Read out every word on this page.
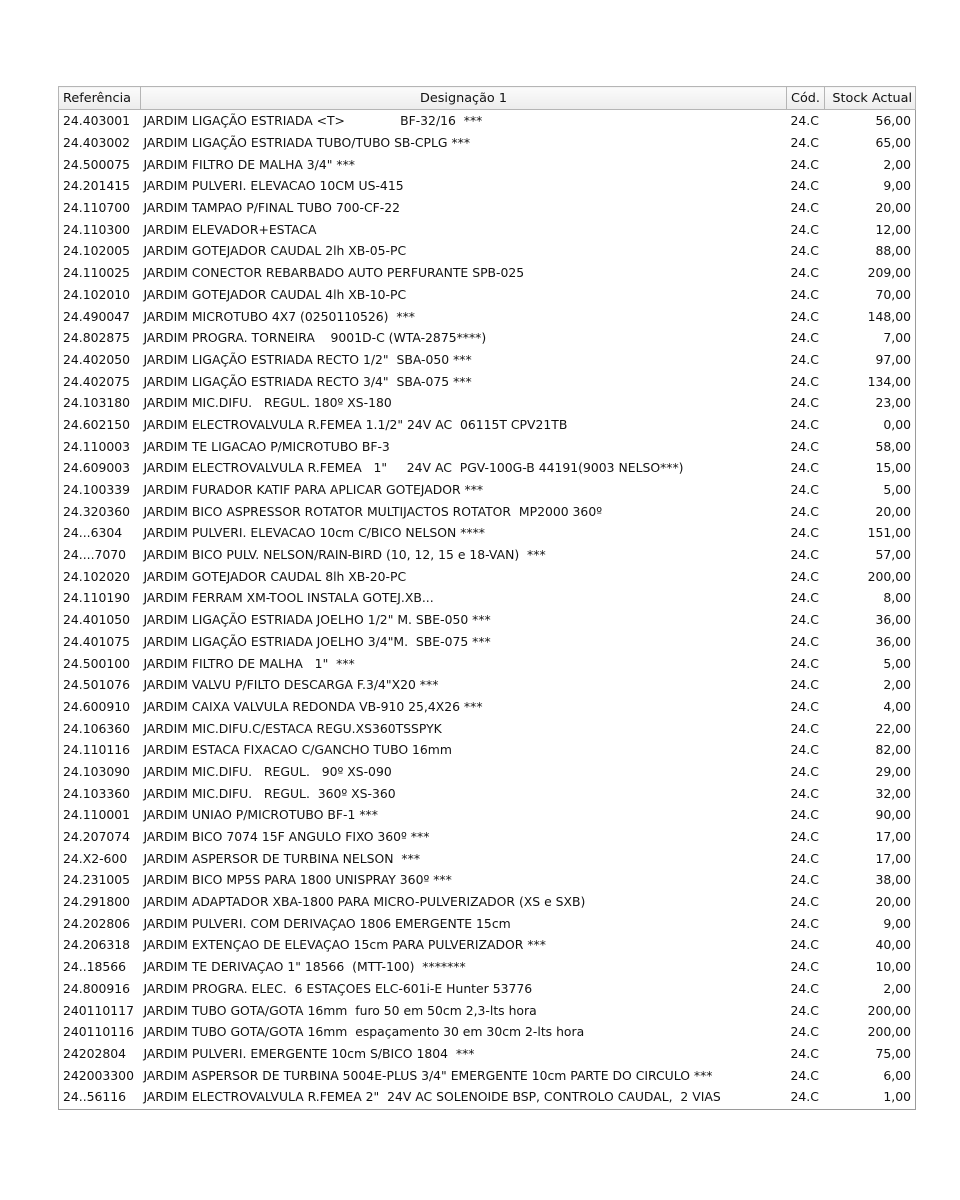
Referência	Designação 1	Cód.	Stock Actual
24.403001	JARDIM LIGAÇÃO ESTRIADA <T>              BF-32/16  ***	24.C	56,00
24.403002	JARDIM LIGAÇÃO ESTRIADA TUBO/TUBO SB-CPLG ***	24.C	65,00
24.500075	JARDIM FILTRO DE MALHA 3/4" ***	24.C	2,00
24.201415	JARDIM PULVERI. ELEVACAO 10CM US-415	24.C	9,00
24.110700	JARDIM TAMPAO P/FINAL TUBO 700-CF-22	24.C	20,00
24.110300	JARDIM ELEVADOR+ESTACA	24.C	12,00
24.102005	JARDIM GOTEJADOR CAUDAL 2lh XB-05-PC	24.C	88,00
24.110025	JARDIM CONECTOR REBARBADO AUTO PERFURANTE SPB-025	24.C	209,00
24.102010	JARDIM GOTEJADOR CAUDAL 4lh XB-10-PC	24.C	70,00
24.490047	JARDIM MICROTUBO 4X7 (0250110526)  ***	24.C	148,00
24.802875	JARDIM PROGRA. TORNEIRA    9001D-C (WTA-2875****)	24.C	7,00
24.402050	JARDIM LIGAÇÃO ESTRIADA RECTO 1/2"  SBA-050 ***	24.C	97,00
24.402075	JARDIM LIGAÇÃO ESTRIADA RECTO 3/4"  SBA-075 ***	24.C	134,00
24.103180	JARDIM MIC.DIFU.   REGUL. 180º XS-180	24.C	23,00
24.602150	JARDIM ELECTROVALVULA R.FEMEA 1.1/2" 24V AC  06115T CPV21TB	24.C	0,00
24.110003	JARDIM TE LIGACAO P/MICROTUBO BF-3	24.C	58,00
24.609003	JARDIM ELECTROVALVULA R.FEMEA   1"     24V AC  PGV-100G-B 44191(9003 NELSO***)	24.C	15,00
24.100339	JARDIM FURADOR KATIF PARA APLICAR GOTEJADOR ***	24.C	5,00
24.320360	JARDIM BICO ASPRESSOR ROTATOR MULTIJACTOS ROTATOR  MP2000 360º	24.C	20,00
24...6304	JARDIM PULVERI. ELEVACAO 10cm C/BICO NELSON ****	24.C	151,00
24....7070	JARDIM BICO PULV. NELSON/RAIN-BIRD (10, 12, 15 e 18-VAN)  ***	24.C	57,00
24.102020	JARDIM GOTEJADOR CAUDAL 8lh XB-20-PC	24.C	200,00
24.110190	JARDIM FERRAM XM-TOOL INSTALA GOTEJ.XB...	24.C	8,00
24.401050	JARDIM LIGAÇÃO ESTRIADA JOELHO 1/2" M. SBE-050 ***	24.C	36,00
24.401075	JARDIM LIGAÇÃO ESTRIADA JOELHO 3/4"M.  SBE-075 ***	24.C	36,00
24.500100	JARDIM FILTRO DE MALHA   1"  ***	24.C	5,00
24.501076	JARDIM VALVU P/FILTO DESCARGA F.3/4"X20 ***	24.C	2,00
24.600910	JARDIM CAIXA VALVULA REDONDA VB-910 25,4X26 ***	24.C	4,00
24.106360	JARDIM MIC.DIFU.C/ESTACA REGU.XS360TSSPYK	24.C	22,00
24.110116	JARDIM ESTACA FIXACAO C/GANCHO TUBO 16mm	24.C	82,00
24.103090	JARDIM MIC.DIFU.   REGUL.   90º XS-090	24.C	29,00
24.103360	JARDIM MIC.DIFU.   REGUL.  360º XS-360	24.C	32,00
24.110001	JARDIM UNIAO P/MICROTUBO BF-1 ***	24.C	90,00
24.207074	JARDIM BICO 7074 15F ANGULO FIXO 360º ***	24.C	17,00
24.X2-600	JARDIM ASPERSOR DE TURBINA NELSON  ***	24.C	17,00
24.231005	JARDIM BICO MP5S PARA 1800 UNISPRAY 360º ***	24.C	38,00
24.291800	JARDIM ADAPTADOR XBA-1800 PARA MICRO-PULVERIZADOR (XS e SXB)	24.C	20,00
24.202806	JARDIM PULVERI. COM DERIVAÇAO 1806 EMERGENTE 15cm	24.C	9,00
24.206318	JARDIM EXTENÇAO DE ELEVAÇAO 15cm PARA PULVERIZADOR ***	24.C	40,00
24..18566	JARDIM TE DERIVAÇAO 1" 18566  (MTT-100)  *******	24.C	10,00
24.800916	JARDIM PROGRA. ELEC.  6 ESTAÇOES ELC-601i-E Hunter 53776	24.C	2,00
240110117	JARDIM TUBO GOTA/GOTA 16mm  furo 50 em 50cm 2,3-lts hora	24.C	200,00
240110116	JARDIM TUBO GOTA/GOTA 16mm  espaçamento 30 em 30cm 2-lts hora	24.C	200,00
24202804	JARDIM PULVERI. EMERGENTE 10cm S/BICO 1804  ***	24.C	75,00
242003300	JARDIM ASPERSOR DE TURBINA 5004E-PLUS 3/4" EMERGENTE 10cm PARTE DO CIRCULO ***	24.C	6,00
24..56116	JARDIM ELECTROVALVULA R.FEMEA 2"  24V AC SOLENOIDE BSP, CONTROLO CAUDAL,  2 VIAS	24.C	1,00
